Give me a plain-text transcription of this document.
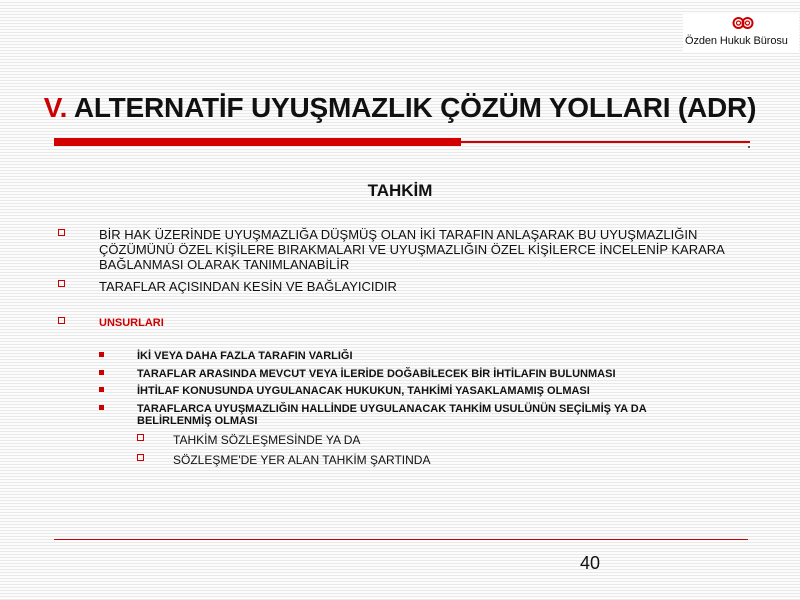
Özden Hukuk Bürosu
V. ALTERNATİF UYUŞMAZLIK ÇÖZÜM YOLLARI (ADR)
TAHKİM
BİR HAK ÜZERİNDE UYUŞMAZLIĞA DÜŞMÜŞ OLAN İKİ TARAFIN ANLAŞARAK BU UYUŞMAZLIĞIN ÇÖZÜMÜNÜ ÖZEL KİŞİLERE BIRAKMALARI VE UYUŞMAZLIĞIN ÖZEL KİŞİLERCE İNCELENİP KARARA BAĞLANMASI OLARAK TANIMLANABİLİR
TARAFLAR AÇISINDAN KESİN VE BAĞLAYICIDIR
UNSURLARI
İKİ VEYA DAHA FAZLA TARAFIN VARLIĞI
TARAFLAR ARASINDA MEVCUT VEYA İLERİDE DOĞABİLECEK BİR İHTİLAFIN BULUNMASI
İHTİLAF KONUSUNDA UYGULANACAK HUKUKUN, TAHKİMİ YASAKLAMAMIŞ OLMASI
TARAFLARCA UYUŞMAZLIĞIN HALLİNDE UYGULANACAK TAHKİM USULÜNÜN SEÇİLMİŞ YA DA BELİRLENMİŞ OLMASI
TAHKİM SÖZLEŞMESİNDE YA DA
SÖZLEŞME'DE YER ALAN TAHKİM ŞARTINDA
40
